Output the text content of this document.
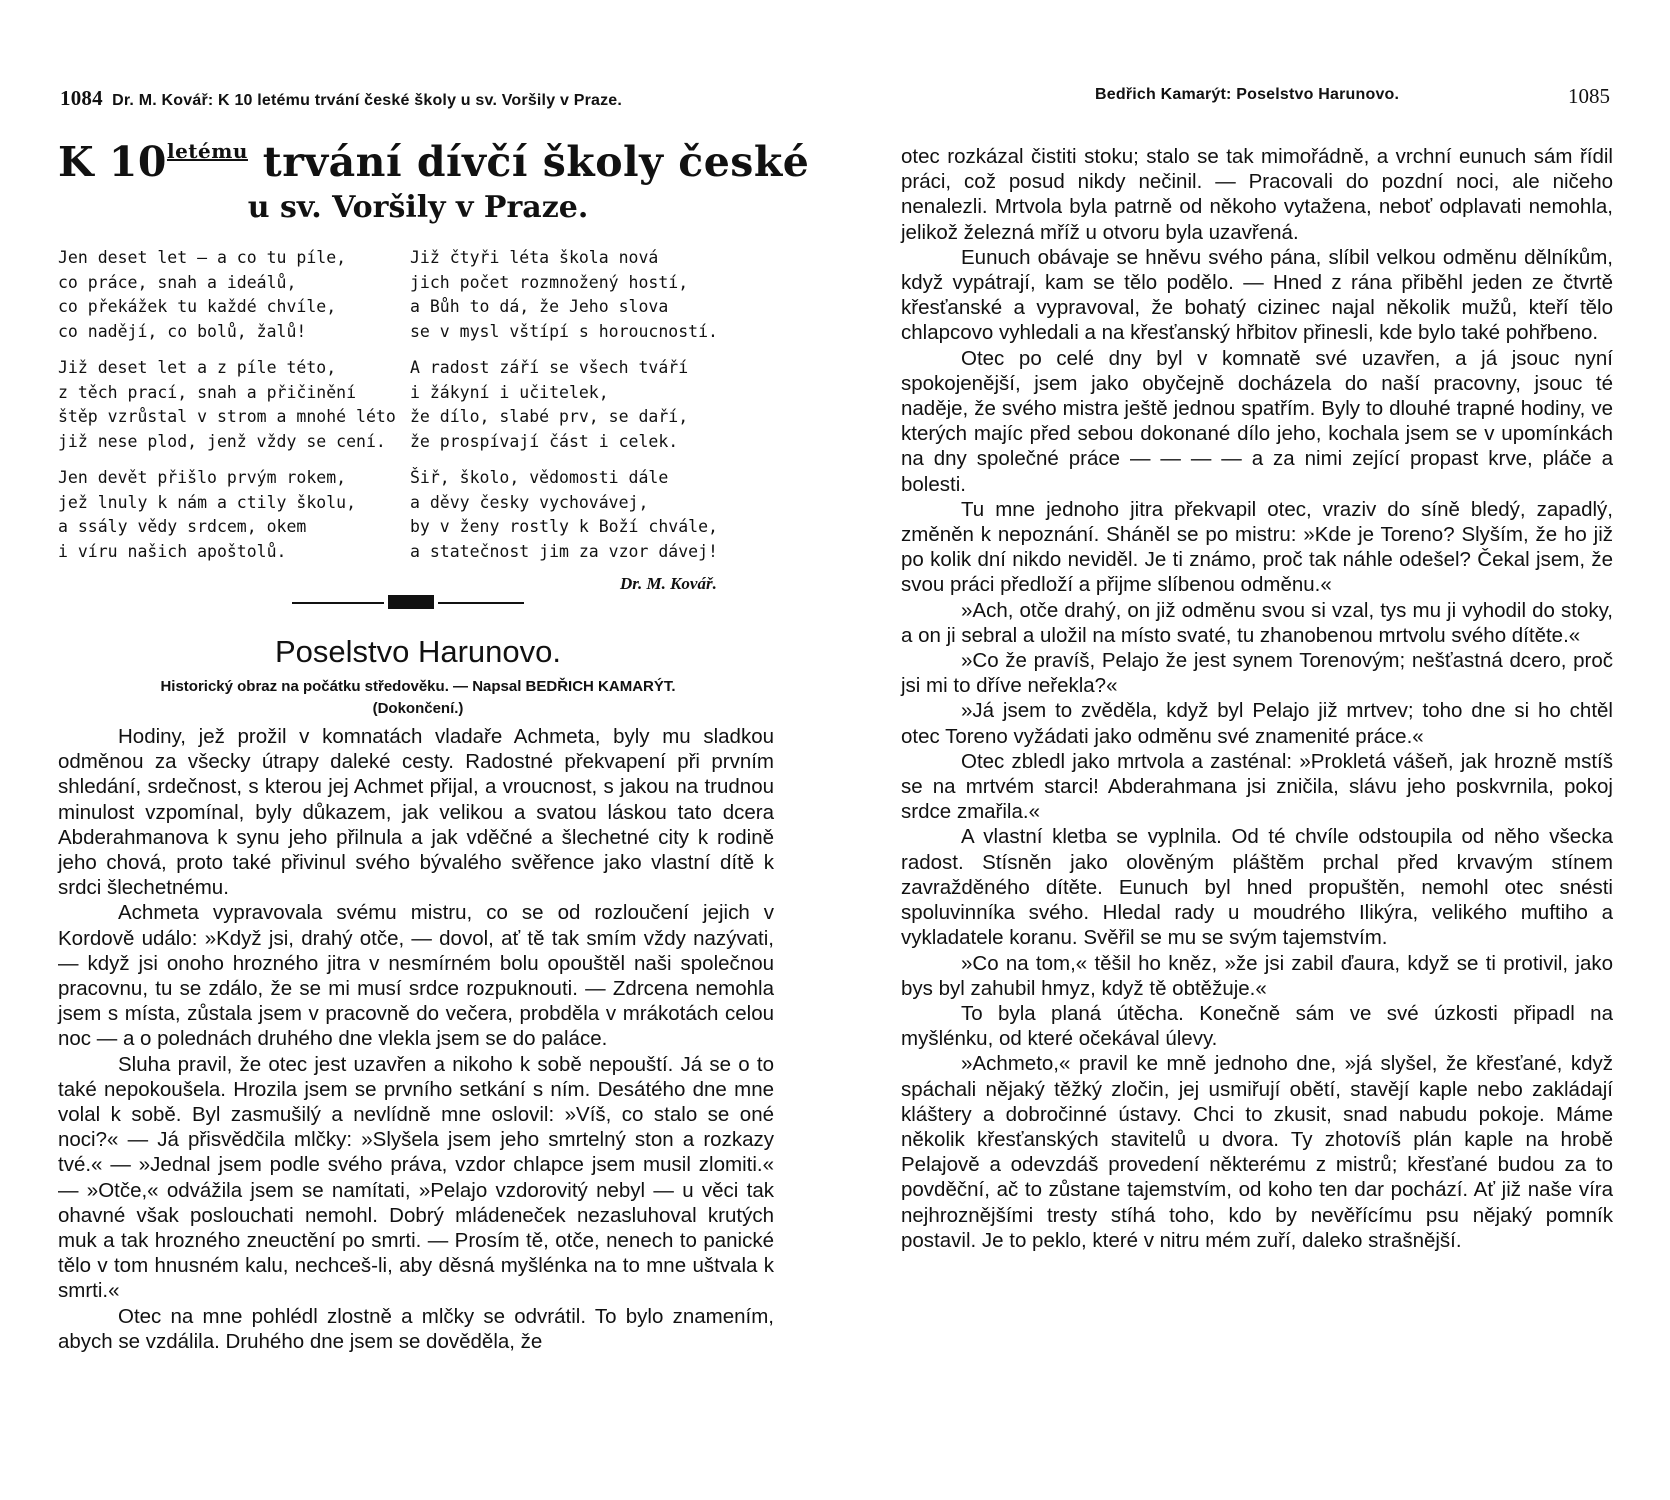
1084 Dr. M. Kovář: K 10 letému trvání české školy u sv. Voršily v Praze.
K $10^{letému}$ trvání dívčí školy české
u sv. Voršily v Praze.
Jen deset let — a co tu píle,
co práce, snah a ideálů,
co překážek tu každé chvíle,
co nadějí, co bolů, žalů!
Již deset let a z píle této,
z těch prací, snah a přičinění
štěp vzrůstal v strom a mnohé léto
již nese plod, jenž vždy se cení.
Jen devět přišlo prvým rokem,
jež lnuly k nám a ctily školu,
a ssály vědy srdcem, okem
i víru našich apoštolů.
Již čtyři léta škola nová
jich počet rozmnožený hostí,
a Bůh to dá, že Jeho slova
se v mysl vštípí s horoucností.
A radost září se všech tváří
i žákyní i učitelek,
že dílo, slabé prv, se daří,
že prospívají část i celek.
Šiř, školo, vědomosti dále
a děvy česky vychovávej,
by v ženy rostly k Boží chvále,
a statečnost jim za vzor dávej!
Dr. M. Kovář.
Poselstvo Harunovo.
Historický obraz na počátku středověku. — Napsal BEDŘICH KAMARÝT.
(Dokončení.)

Hodiny, jež prožil v komnatách vladaře Achmeta, byly mu sladkou odměnou za všecky útrapy daleké cesty. Radostné překvapení při prvním shledání, srdečnost, s kterou jej Achmet přijal, a vroucnost, s jakou na trudnou minulost vzpomínal, byly důkazem, jak velikou a svatou láskou tato dcera Abderahmanova k synu jeho přilnula a jak vděčné a šlechetné city k rodině jeho chová, proto také přivinul svého bývalého svěřence jako vlastní dítě k srdci šlechetnému.

Achmeta vypravovala svému mistru, co se od rozloučení jejich v Kordově událo: »Když jsi, drahý otče, — dovol, ať tě tak smím vždy nazývati, — když jsi onoho hrozného jitra v nesmírném bolu opouštěl naši společnou pracovnu, tu se zdálo, že se mi musí srdce rozpuknouti. — Zdrcena nemohla jsem s místa, zůstala jsem v pracovně do večera, probděla v mrákotách celou noc — a o polednách druhého dne vlekla jsem se do paláce.

Sluha pravil, že otec jest uzavřen a nikoho k sobě nepouští. Já se o to také nepokoušela. Hrozila jsem se prvního setkání s ním. Desátého dne mne volal k sobě. Byl zasmušilý a nevlídně mne oslovil: »Víš, co stalo se oné noci?« — Já přisvědčila mlčky: »Slyšela jsem jeho smrtelný ston a rozkazy tvé.« — »Jednal jsem podle svého práva, vzdor chlapce jsem musil zlomiti.« — »Otče,« odvážila jsem se namítati, »Pelajo vzdorovitý nebyl — u věci tak ohavné však poslouchati nemohl. Dobrý mládeneček nezasluhoval krutých muk a tak hrozného zneuctění po smrti. — Prosím tě, otče, nenech to panické tělo v tom hnusném kalu, nechceš-li, aby děsná myšlénka na to mne uštvala k smrti.«

Otec na mne pohlédl zlostně a mlčky se odvrátil. To bylo znamením, abych se vzdálila. Druhého dne jsem se dověděla, že

Bedřich Kamarýt: Poselstvo Harunovo.	1085

otec rozkázal čistiti stoku; stalo se tak mimořádně, a vrchní eunuch sám řídil práci, což posud nikdy nečinil. — Pracovali do pozdní noci, ale ničeho nenalezli. Mrtvola byla patrně od někoho vytažena, neboť odplavati nemohla, jelikož železná mříž u otvoru byla uzavřená.

Eunuch obávaje se hněvu svého pána, slíbil velkou odměnu dělníkům, když vypátrají, kam se tělo podělo. — Hned z rána přiběhl jeden ze čtvrtě křesťanské a vypravoval, že bohatý cizinec najal několik mužů, kteří tělo chlapcovo vyhledali a na křesťanský hřbitov přinesli, kde bylo také pohřbeno.

Otec po celé dny byl v komnatě své uzavřen, a já jsouc nyní spokojenější, jsem jako obyčejně docházela do naší pracovny, jsouc té naděje, že svého mistra ještě jednou spatřím. Byly to dlouhé trapné hodiny, ve kterých majíc před sebou dokonané dílo jeho, kochala jsem se v upomínkách na dny společné práce — — — — a za nimi zející propast krve, pláče a bolesti.

Tu mne jednoho jitra překvapil otec, vraziv do síně bledý, zapadlý, změněn k nepoznání. Sháněl se po mistru: »Kde je Toreno? Slyším, že ho již po kolik dní nikdo neviděl. Je ti známo, proč tak náhle odešel? Čekal jsem, že svou práci předloží a přijme slíbenou odměnu.«

»Ach, otče drahý, on již odměnu svou si vzal, tys mu ji vyhodil do stoky, a on ji sebral a uložil na místo svaté, tu zhanobenou mrtvolu svého dítěte.«

»Co že pravíš, Pelajo že jest synem Torenovým; nešťastná dcero, proč jsi mi to dříve neřekla?«

»Já jsem to zvěděla, když byl Pelajo již mrtvev; toho dne si ho chtěl otec Toreno vyžádati jako odměnu své znamenité práce.«

Otec zbledl jako mrtvola a zasténal: »Prokletá vášeň, jak hrozně mstíš se na mrtvém starci! Abderahmana jsi zničila, slávu jeho poskvrnila, pokoj srdce zmařila.«

A vlastní kletba se vyplnila. Od té chvíle odstoupila od něho všecka radost. Stísněn jako olověným pláštěm prchal před krvavým stínem zavražděného dítěte. Eunuch byl hned propuštěn, nemohl otec snésti spoluvinníka svého. Hledal rady u moudrého Ilikýra, velikého muftiho a vykladatele koranu. Svěřil se mu se svým tajemstvím.

»Co na tom,« těšil ho kněz, »že jsi zabil ďaura, když se ti protivil, jako bys byl zahubil hmyz, když tě obtěžuje.«

To byla planá útěcha. Konečně sám ve své úzkosti připadl na myšlénku, od které očekával úlevy.

»Achmeto,« pravil ke mně jednoho dne, »já slyšel, že křesťané, když spáchali nějaký těžký zločin, jej usmiřují obětí, stavějí kaple nebo zakládají kláštery a dobročinné ústavy. Chci to zkusit, snad nabudu pokoje. Máme několik křesťanských stavitelů u dvora. Ty zhotovíš plán kaple na hrobě Pelajově a odevzdáš provedení některému z mistrů; křesťané budou za to povděční, ač to zůstane tajemstvím, od koho ten dar pochází. Ať již naše víra nejhroznějšími tresty stíhá toho, kdo by nevěřícímu psu nějaký pomník postavil. Je to peklo, které v nitru mém zuří, daleko strašnější.
